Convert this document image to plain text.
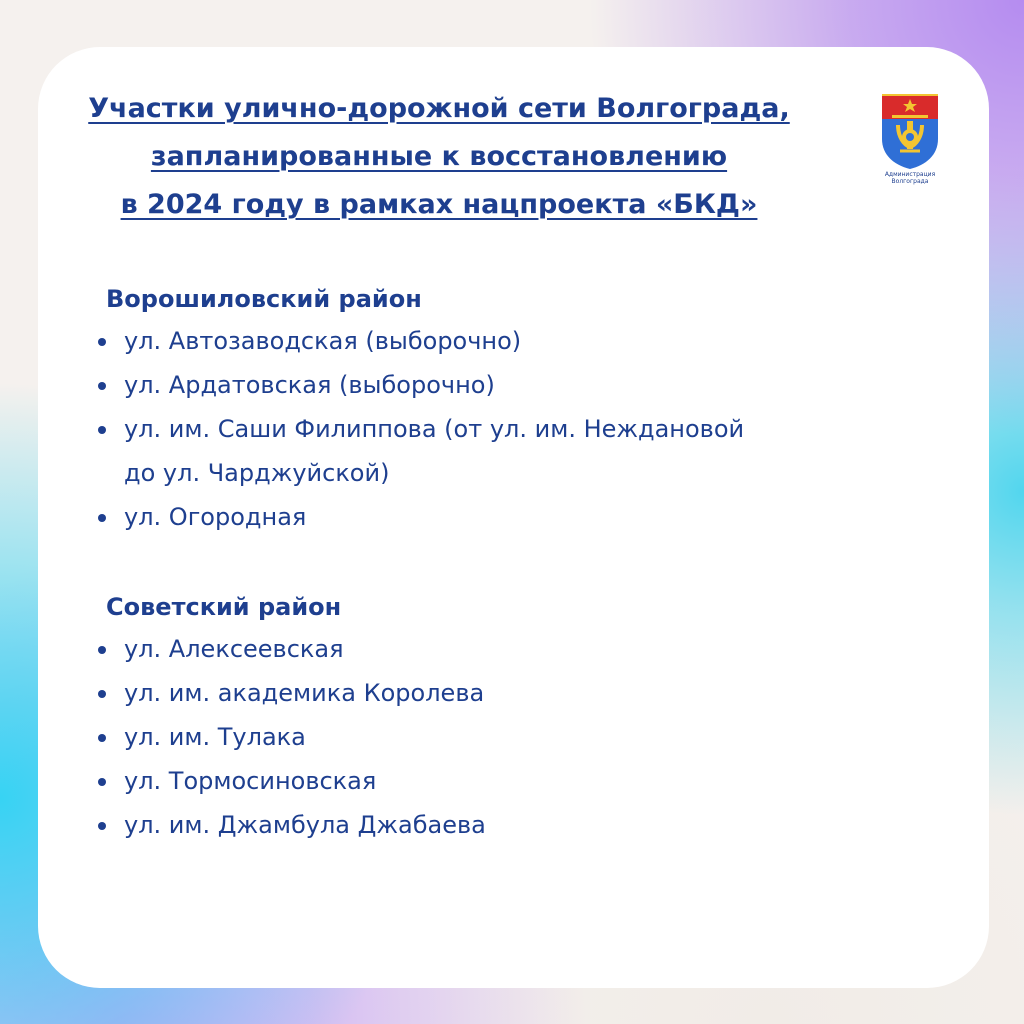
Участки улично-дорожной сети Волгограда,
запланированные к восстановлению
в 2024 году в рамках нацпроекта «БКД»
Администрация
Волгограда
Ворошиловский район
ул. Автозаводская (выборочно)
ул. Ардатовская (выборочно)
ул. им. Саши Филиппова (от ул. им. Неждановой
до ул. Чарджуйской)
ул. Огородная
Советский район
ул. Алексеевская
ул. им. академика Королева
ул. им. Тулака
ул. Тормосиновская
ул. им. Джамбула Джабаева
